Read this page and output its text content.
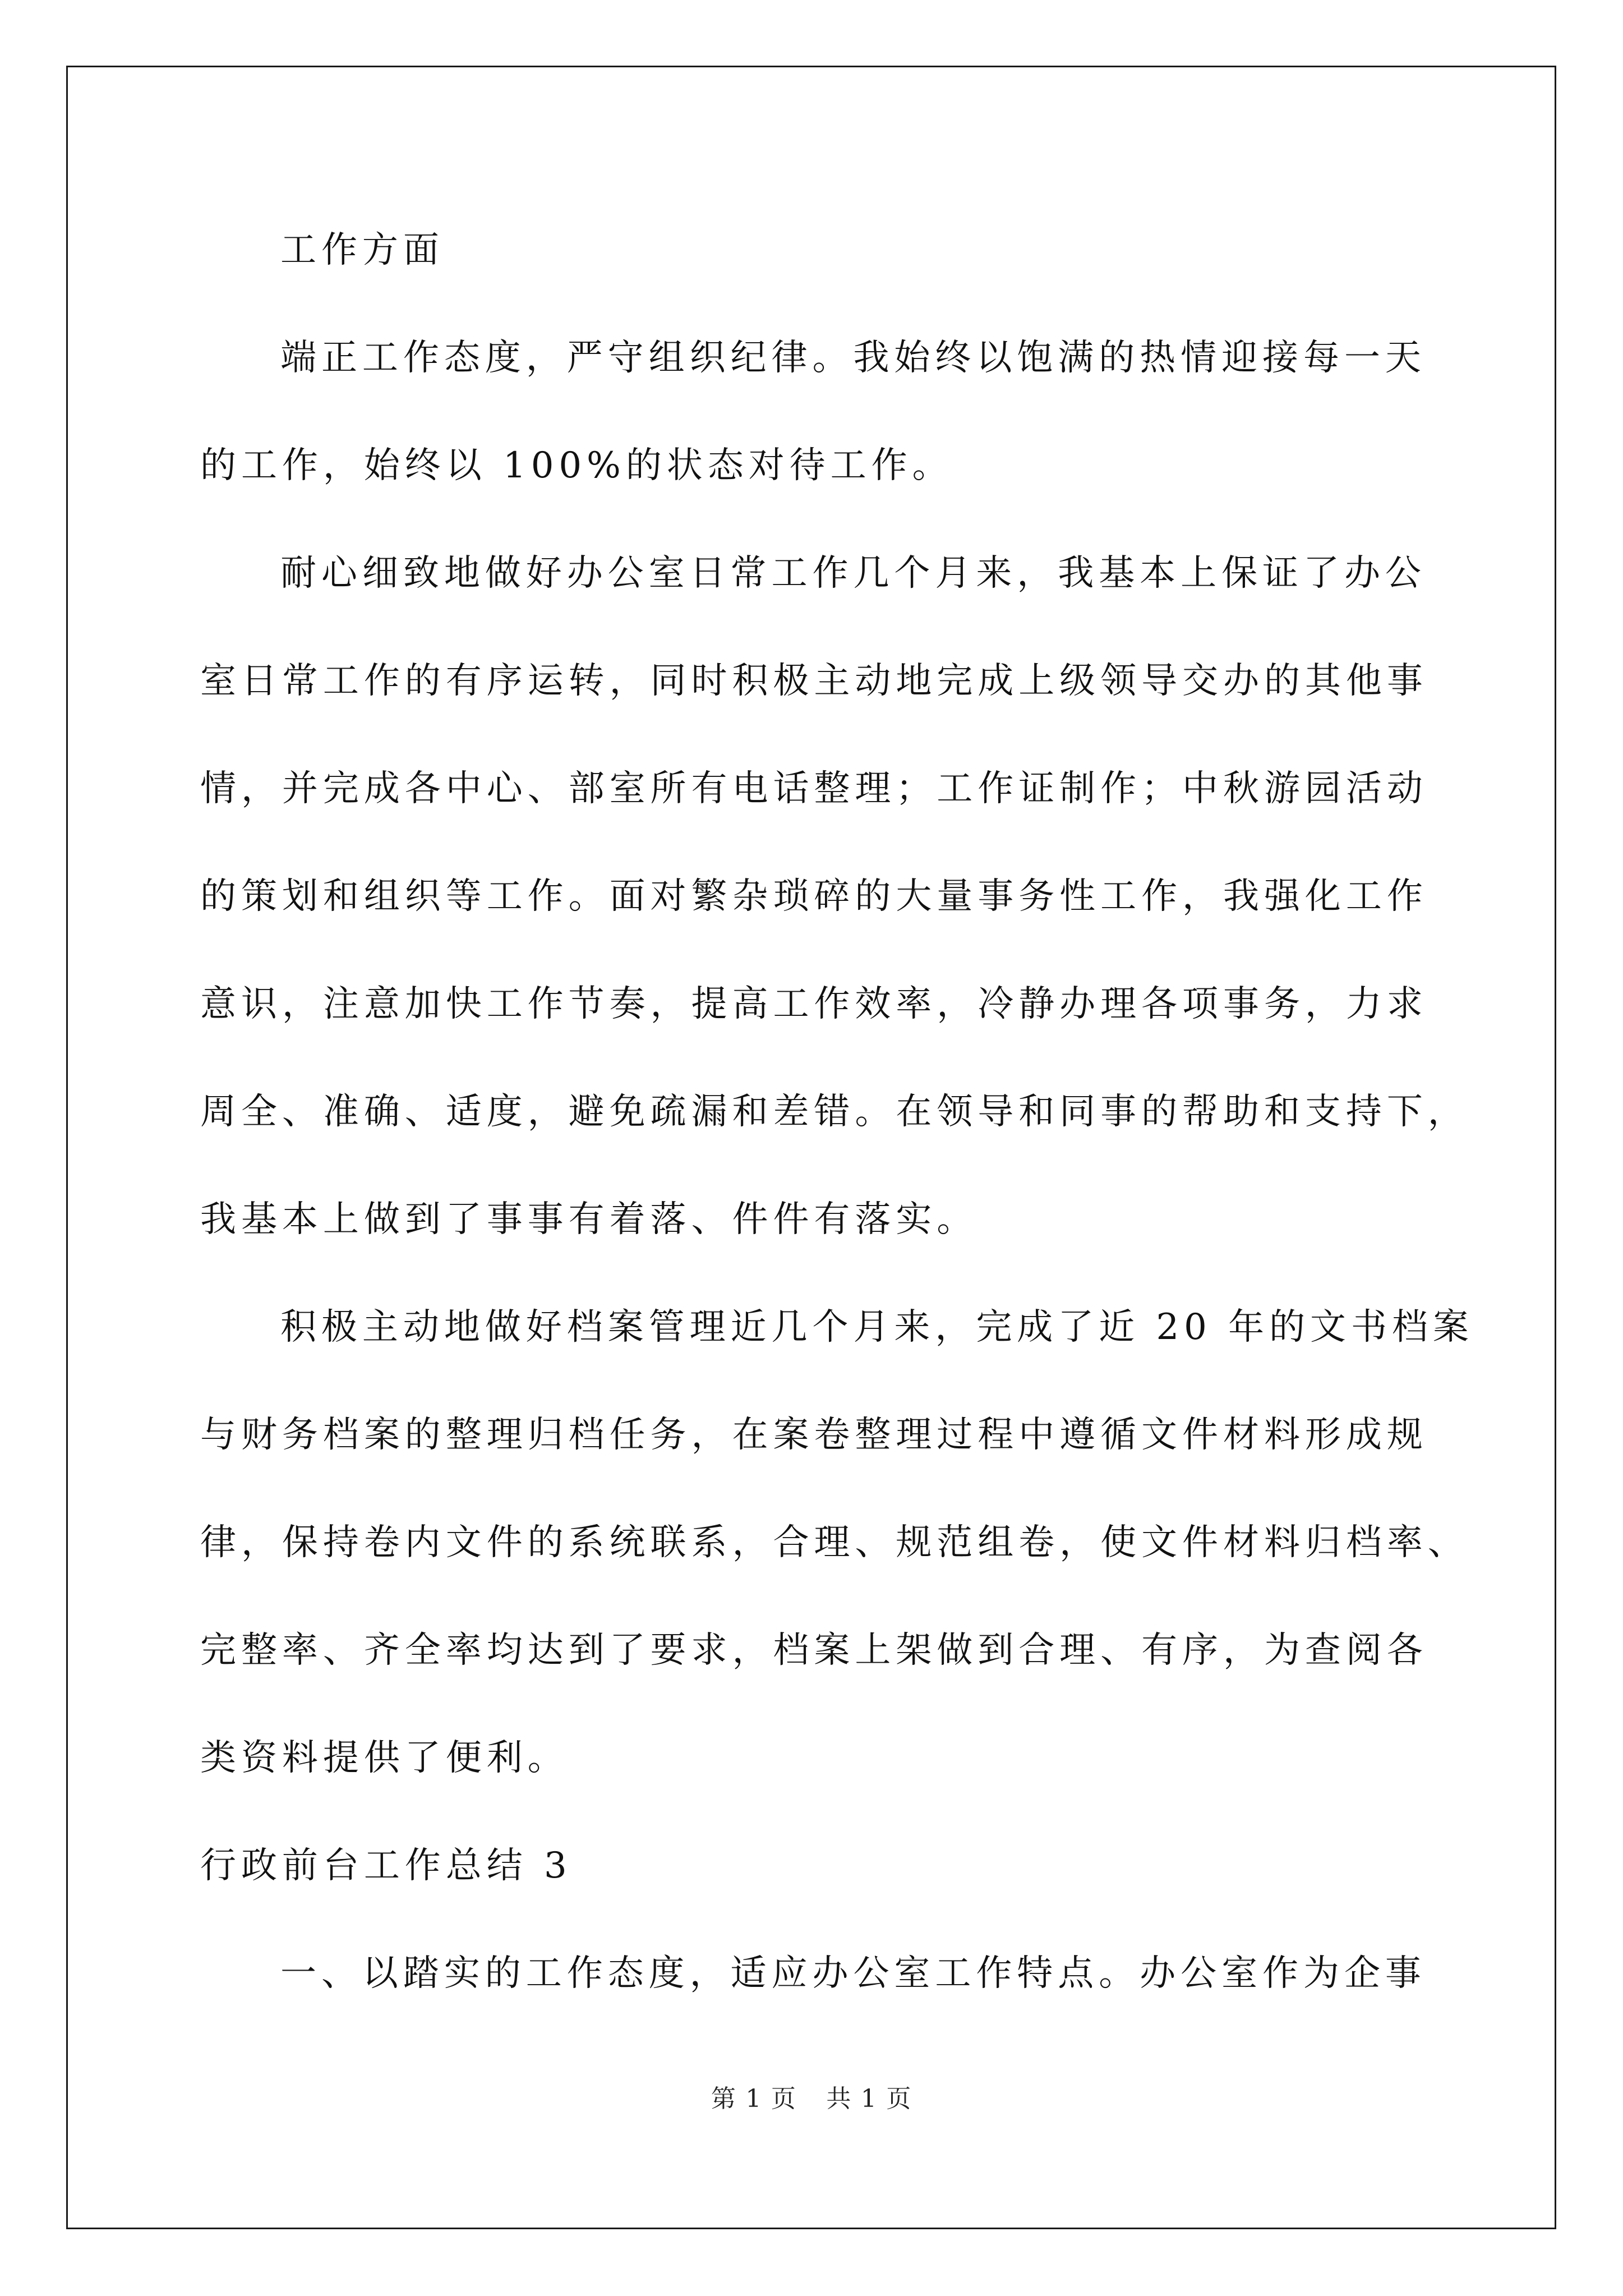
工作方面
端正工作态度，严守组织纪律。我始终以饱满的热情迎接每一天
的工作，始终以 100%的状态对待工作。
耐心细致地做好办公室日常工作几个月来，我基本上保证了办公
室日常工作的有序运转，同时积极主动地完成上级领导交办的其他事
情，并完成各中心、部室所有电话整理；工作证制作；中秋游园活动
的策划和组织等工作。面对繁杂琐碎的大量事务性工作，我强化工作
意识，注意加快工作节奏，提高工作效率，冷静办理各项事务，力求
周全、准确、适度，避免疏漏和差错。在领导和同事的帮助和支持下，
我基本上做到了事事有着落、件件有落实。
积极主动地做好档案管理近几个月来，完成了近 20 年的文书档案
与财务档案的整理归档任务，在案卷整理过程中遵循文件材料形成规
律，保持卷内文件的系统联系，合理、规范组卷，使文件材料归档率、
完整率、齐全率均达到了要求，档案上架做到合理、有序，为查阅各
类资料提供了便利。
行政前台工作总结 3
一、以踏实的工作态度，适应办公室工作特点。办公室作为企事
第 1 页 共 1 页
